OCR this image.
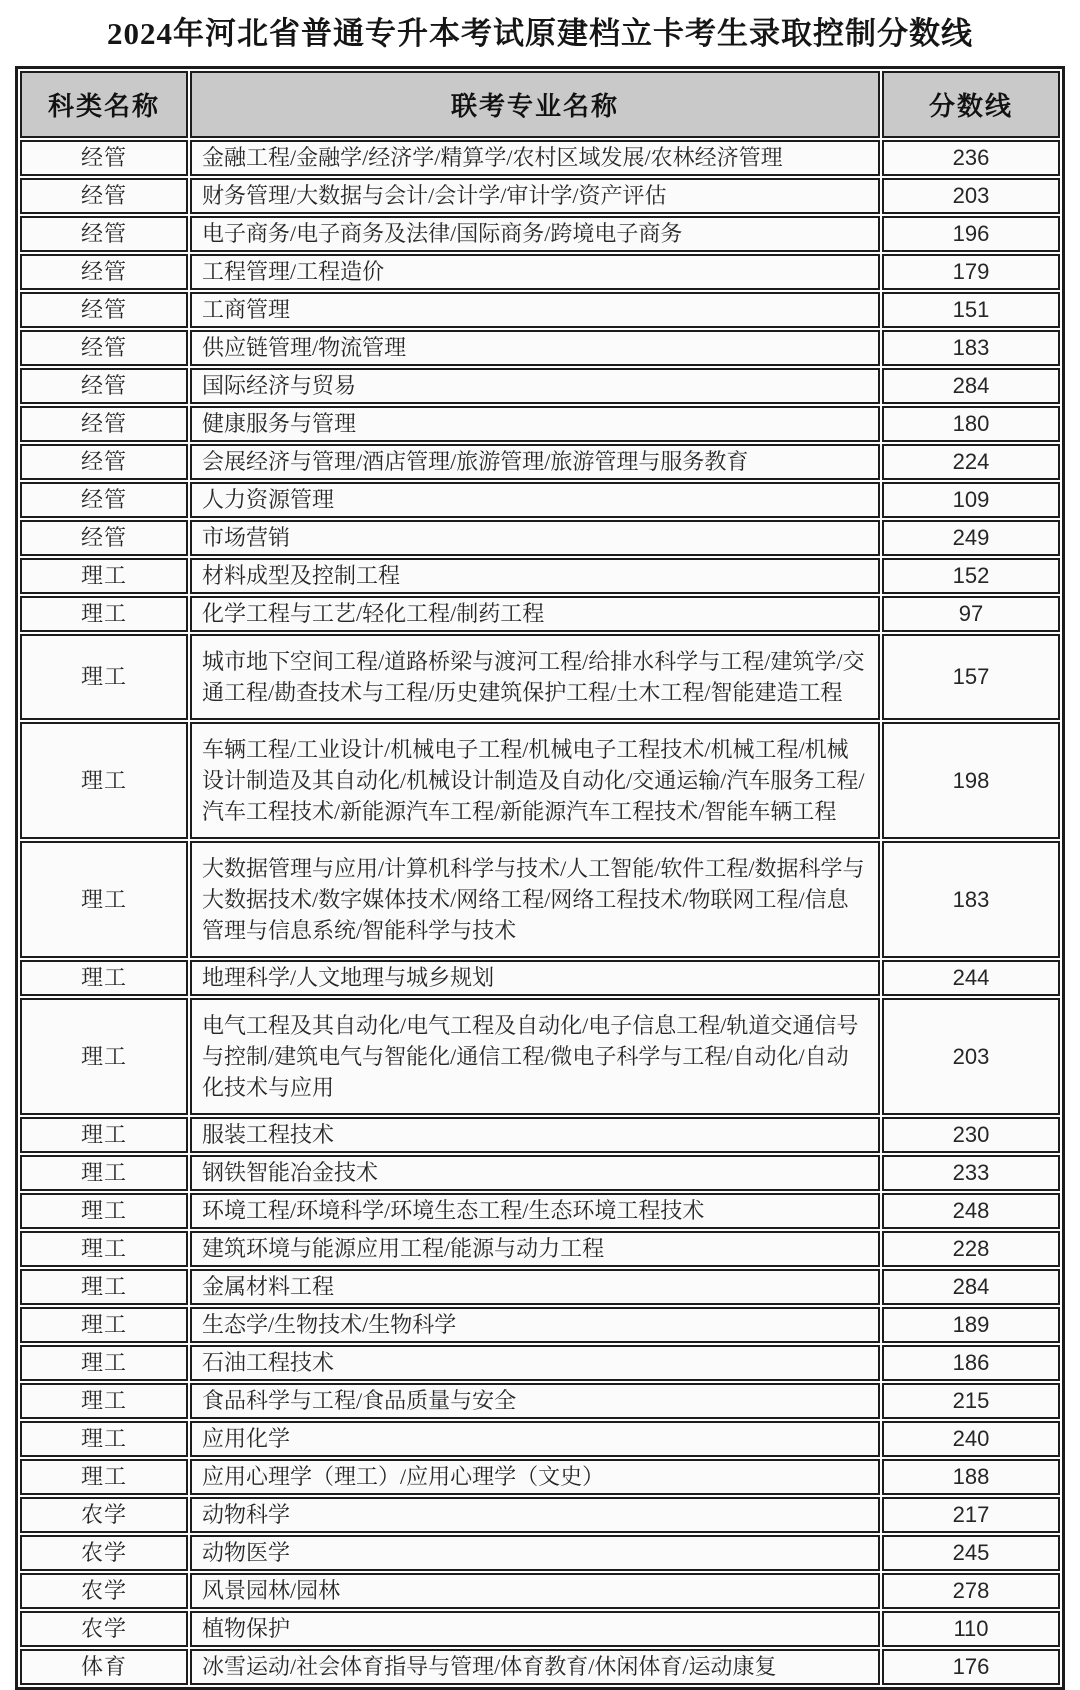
2024年河北省普通专升本考试原建档立卡考生录取控制分数线
科类名称	联考专业名称	分数线
经管	金融工程/金融学/经济学/精算学/农村区域发展/农林经济管理	236
经管	财务管理/大数据与会计/会计学/审计学/资产评估	203
经管	电子商务/电子商务及法律/国际商务/跨境电子商务	196
经管	工程管理/工程造价	179
经管	工商管理	151
经管	供应链管理/物流管理	183
经管	国际经济与贸易	284
经管	健康服务与管理	180
经管	会展经济与管理/酒店管理/旅游管理/旅游管理与服务教育	224
经管	人力资源管理	109
经管	市场营销	249
理工	材料成型及控制工程	152
理工	化学工程与工艺/轻化工程/制药工程	97
理工	城市地下空间工程/道路桥梁与渡河工程/给排水科学与工程/建筑学/交通工程/勘查技术与工程/历史建筑保护工程/土木工程/智能建造工程	157
理工	车辆工程/工业设计/机械电子工程/机械电子工程技术/机械工程/机械设计制造及其自动化/机械设计制造及自动化/交通运输/汽车服务工程/汽车工程技术/新能源汽车工程/新能源汽车工程技术/智能车辆工程	198
理工	大数据管理与应用/计算机科学与技术/人工智能/软件工程/数据科学与大数据技术/数字媒体技术/网络工程/网络工程技术/物联网工程/信息管理与信息系统/智能科学与技术	183
理工	地理科学/人文地理与城乡规划	244
理工	电气工程及其自动化/电气工程及自动化/电子信息工程/轨道交通信号与控制/建筑电气与智能化/通信工程/微电子科学与工程/自动化/自动化技术与应用	203
理工	服装工程技术	230
理工	钢铁智能冶金技术	233
理工	环境工程/环境科学/环境生态工程/生态环境工程技术	248
理工	建筑环境与能源应用工程/能源与动力工程	228
理工	金属材料工程	284
理工	生态学/生物技术/生物科学	189
理工	石油工程技术	186
理工	食品科学与工程/食品质量与安全	215
理工	应用化学	240
理工	应用心理学（理工）/应用心理学（文史）	188
农学	动物科学	217
农学	动物医学	245
农学	风景园林/园林	278
农学	植物保护	110
体育	冰雪运动/社会体育指导与管理/体育教育/休闲体育/运动康复	176
